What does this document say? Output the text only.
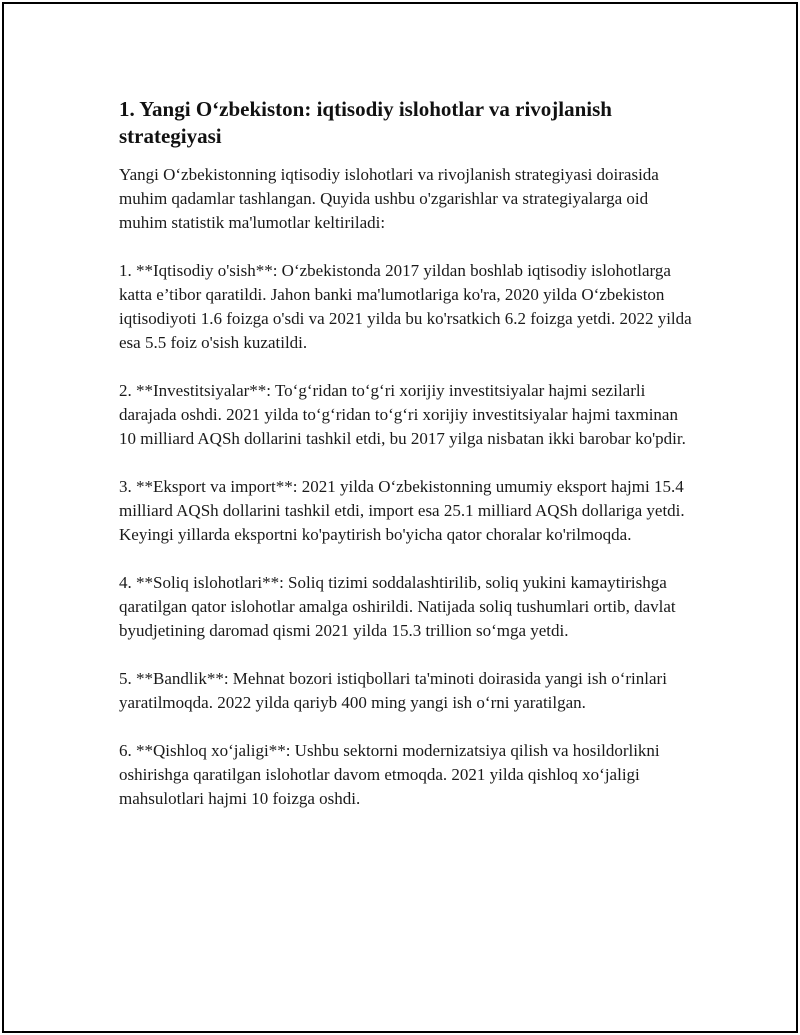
1. Yangi O‘zbekiston: iqtisodiy islohotlar va rivojlanish strategiyasi

Yangi O‘zbekistonning iqtisodiy islohotlari va rivojlanish strategiyasi doirasida muhim qadamlar tashlangan. Quyida ushbu o'zgarishlar va strategiyalarga oid muhim statistik ma'lumotlar keltiriladi:

1. **Iqtisodiy o'sish**: O‘zbekistonda 2017 yildan boshlab iqtisodiy islohotlarga katta e’tibor qaratildi. Jahon banki ma'lumotlariga ko'ra, 2020 yilda O‘zbekiston iqtisodiyoti 1.6 foizga o'sdi va 2021 yilda bu ko'rsatkich 6.2 foizga yetdi. 2022 yilda esa 5.5 foiz o'sish kuzatildi.

2. **Investitsiyalar**: To‘g‘ridan to‘g‘ri xorijiy investitsiyalar hajmi sezilarli darajada oshdi. 2021 yilda to‘g‘ridan to‘g‘ri xorijiy investitsiyalar hajmi taxminan 10 milliard AQSh dollarini tashkil etdi, bu 2017 yilga nisbatan ikki barobar ko'pdir.

3. **Eksport va import**: 2021 yilda O‘zbekistonning umumiy eksport hajmi 15.4 milliard AQSh dollarini tashkil etdi, import esa 25.1 milliard AQSh dollariga yetdi. Keyingi yillarda eksportni ko'paytirish bo'yicha qator choralar ko'rilmoqda.

4. **Soliq islohotlari**: Soliq tizimi soddalashtirilib, soliq yukini kamaytirishga qaratilgan qator islohotlar amalga oshirildi. Natijada soliq tushumlari ortib, davlat byudjetining daromad qismi 2021 yilda 15.3 trillion so‘mga yetdi.

5. **Bandlik**: Mehnat bozori istiqbollari ta'minoti doirasida yangi ish o‘rinlari yaratilmoqda. 2022 yilda qariyb 400 ming yangi ish o‘rni yaratilgan.

6. **Qishloq xo‘jaligi**: Ushbu sektorni modernizatsiya qilish va hosildorlikni oshirishga qaratilgan islohotlar davom etmoqda. 2021 yilda qishloq xo‘jaligi mahsulotlari hajmi 10 foizga oshdi.
